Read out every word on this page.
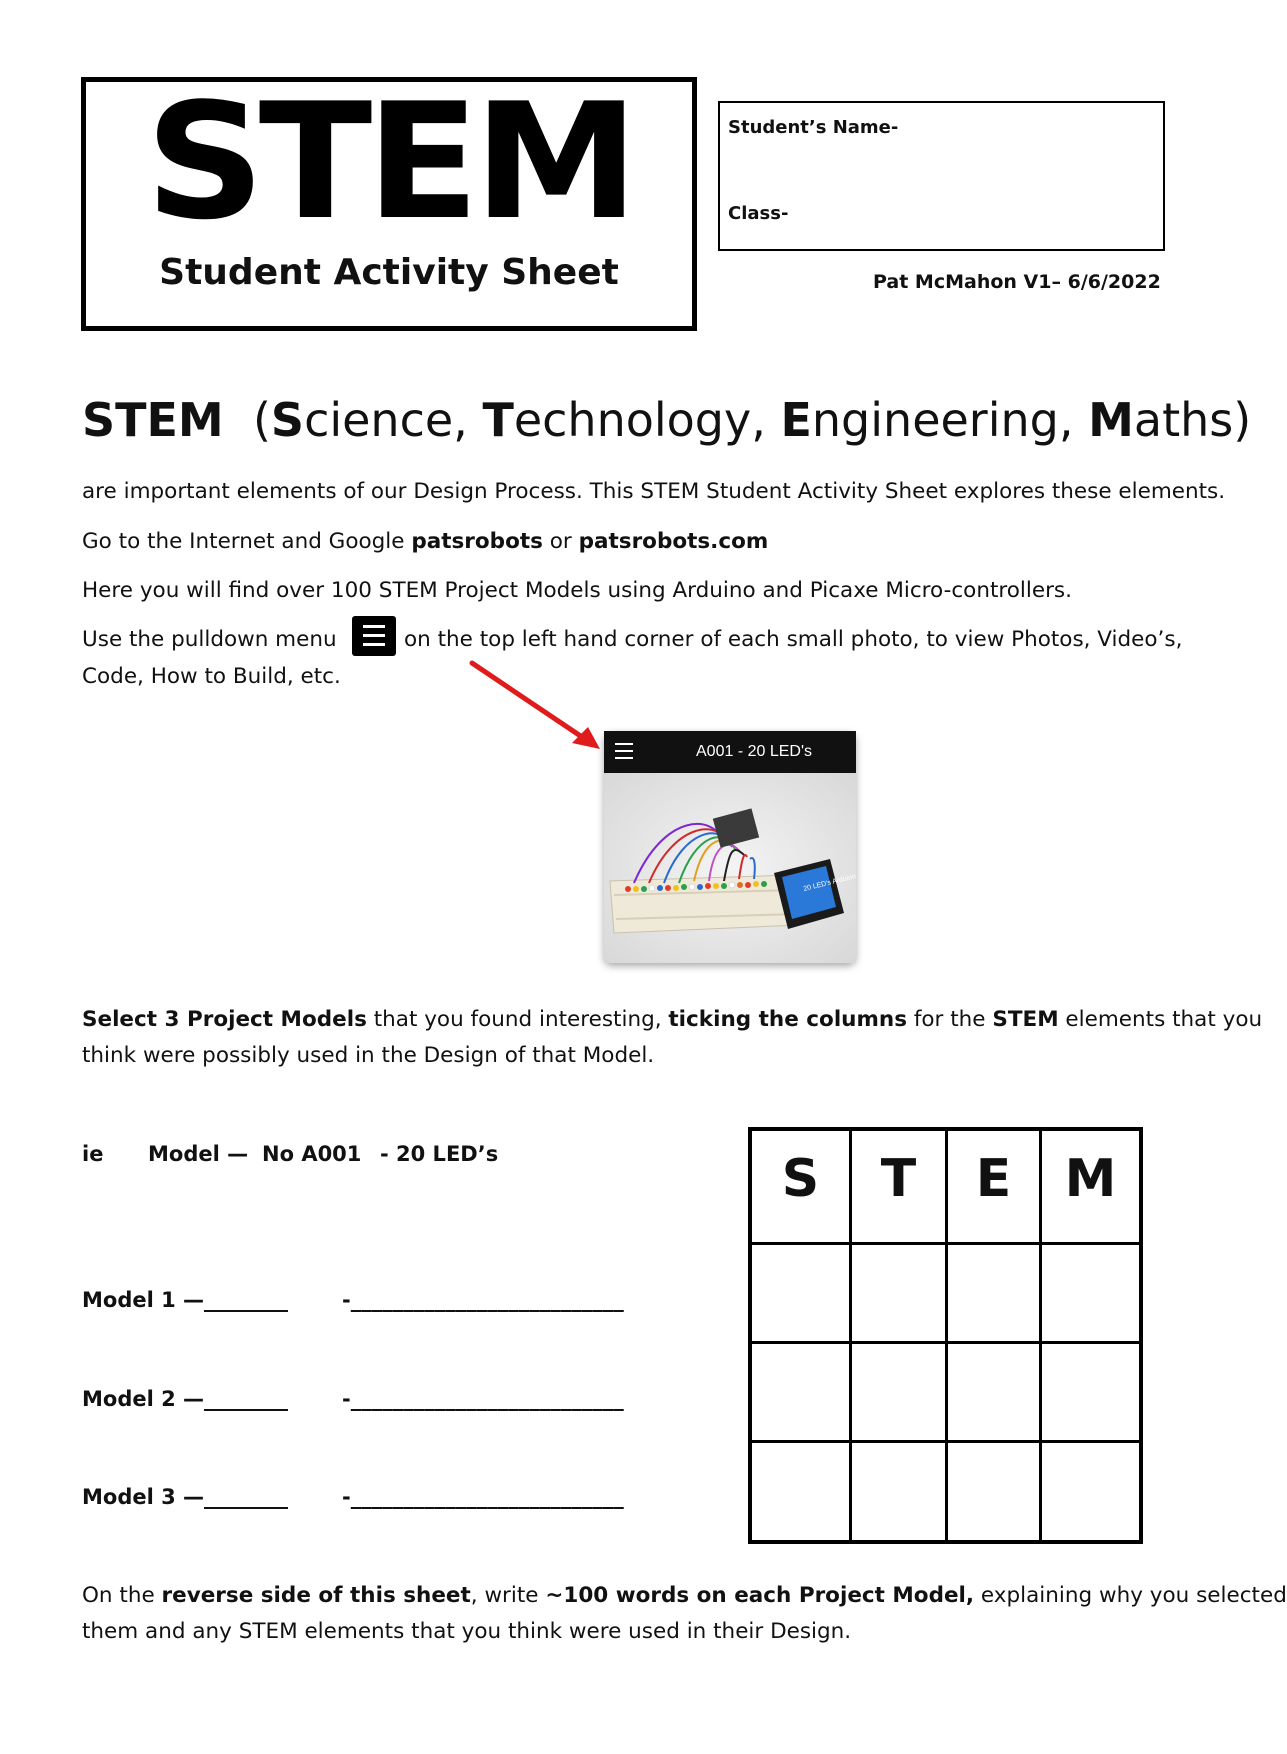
STEM
Student Activity Sheet
Student’s Name-
Class-
Pat McMahon V1– 6/6/2022
STEM (Science, Technology, Engineering, Maths)
are important elements of our Design Process. This STEM Student Activity Sheet explores these elements.
Go to the Internet and Google patsrobots or patsrobots.com
Here you will find over 100 STEM Project Models using Arduino and Picaxe Micro-controllers.
Use the pulldown menu	on the top left hand corner of each small photo, to view Photos, Video’s,
Code, How to Build, etc.
A001 - 20 LED's
20 LED's Arduino
Select 3 Project Models that you found interesting, ticking the columns for the STEM elements that you
think were possibly used in the Design of that Model.
ie Model — No A001 - 20 LED’s
Model 1 —________	-__________________________
Model 2 —________	-__________________________
Model 3 —________	-__________________________
S	T	E	M
On the reverse side of this sheet, write ~100 words on each Project Model, explaining why you selected
them and any STEM elements that you think were used in their Design.
